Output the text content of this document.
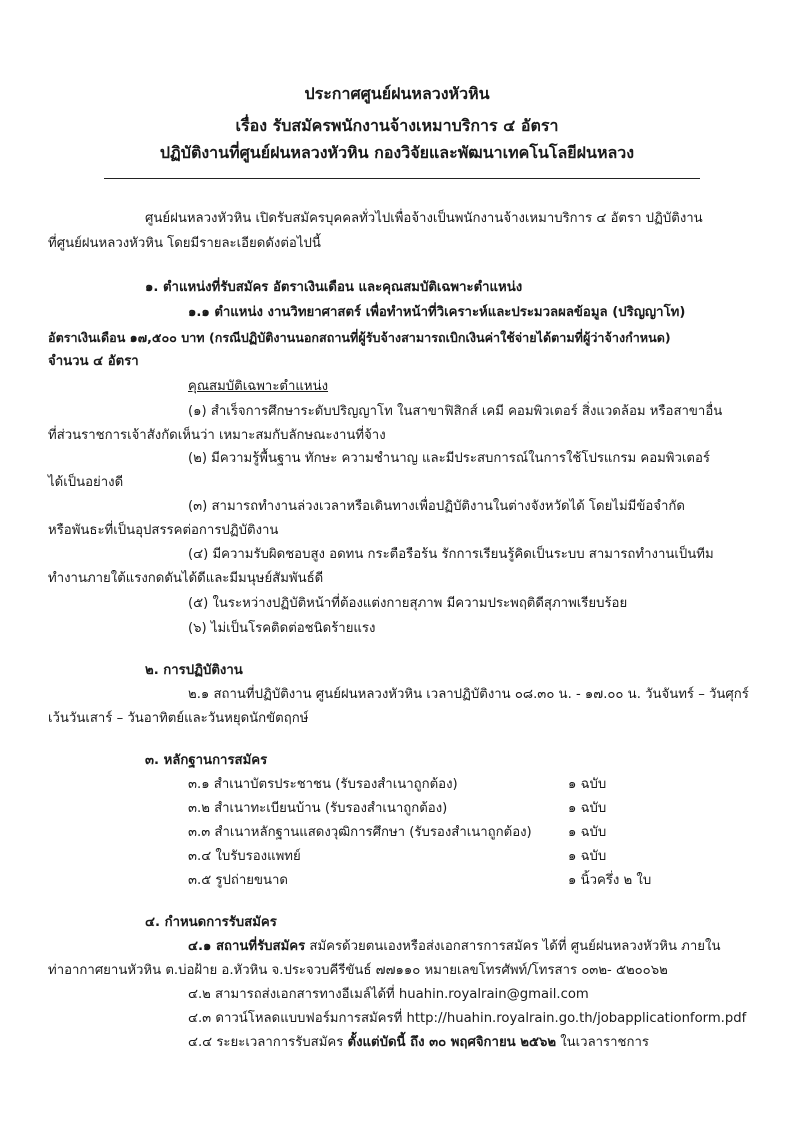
ประกาศศูนย์ฝนหลวงหัวหิน
เรื่อง รับสมัครพนักงานจ้างเหมาบริการ ๔ อัตรา
ปฏิบัติงานที่ศูนย์ฝนหลวงหัวหิน กองวิจัยและพัฒนาเทคโนโลยีฝนหลวง
ศูนย์ฝนหลวงหัวหิน เปิดรับสมัครบุคคลทั่วไปเพื่อจ้างเป็นพนักงานจ้างเหมาบริการ ๔ อัตรา ปฏิบัติงาน
ที่ศูนย์ฝนหลวงหัวหิน โดยมีรายละเอียดดังต่อไปนี้
๑. ตำแหน่งที่รับสมัคร อัตราเงินเดือน และคุณสมบัติเฉพาะตำแหน่ง
๑.๑ ตำแหน่ง งานวิทยาศาสตร์ เพื่อทำหน้าที่วิเคราะห์และประมวลผลข้อมูล (ปริญญาโท)
อัตราเงินเดือน ๑๗,๕๐๐ บาท (กรณีปฏิบัติงานนอกสถานที่ผู้รับจ้างสามารถเบิกเงินค่าใช้จ่ายได้ตามที่ผู้ว่าจ้างกำหนด)
จำนวน ๔ อัตรา
คุณสมบัติเฉพาะตำแหน่ง
(๑) สำเร็จการศึกษาระดับปริญญาโท ในสาขาฟิสิกส์ เคมี คอมพิวเตอร์ สิ่งแวดล้อม หรือสาขาอื่น
ที่ส่วนราชการเจ้าสังกัดเห็นว่า เหมาะสมกับลักษณะงานที่จ้าง
(๒) มีความรู้พื้นฐาน ทักษะ ความชำนาญ และมีประสบการณ์ในการใช้โปรแกรม คอมพิวเตอร์
ได้เป็นอย่างดี
(๓) สามารถทำงานล่วงเวลาหรือเดินทางเพื่อปฏิบัติงานในต่างจังหวัดได้ โดยไม่มีข้อจำกัด
หรือพันธะที่เป็นอุปสรรคต่อการปฏิบัติงาน
(๔) มีความรับผิดชอบสูง อดทน กระตือรือร้น รักการเรียนรู้คิดเป็นระบบ สามารถทำงานเป็นทีม
ทำงานภายใต้แรงกดดันได้ดีและมีมนุษย์สัมพันธ์ดี
(๕) ในระหว่างปฏิบัติหน้าที่ต้องแต่งกายสุภาพ มีความประพฤติดีสุภาพเรียบร้อย
(๖) ไม่เป็นโรคติดต่อชนิดร้ายแรง
๒. การปฏิบัติงาน
๒.๑ สถานที่ปฏิบัติงาน ศูนย์ฝนหลวงหัวหิน เวลาปฏิบัติงาน ๐๘.๓๐ น. - ๑๗.๐๐ น. วันจันทร์ – วันศุกร์
เว้นวันเสาร์ – วันอาทิตย์และวันหยุดนักขัตฤกษ์
๓. หลักฐานการสมัคร
๓.๑ สำเนาบัตรประชาชน (รับรองสำเนาถูกต้อง)	๑ ฉบับ
๓.๒ สำเนาทะเบียนบ้าน (รับรองสำเนาถูกต้อง)	๑ ฉบับ
๓.๓ สำเนาหลักฐานแสดงวุฒิการศึกษา (รับรองสำเนาถูกต้อง)	๑ ฉบับ
๓.๔ ใบรับรองแพทย์	๑ ฉบับ
๓.๕ รูปถ่ายขนาด	๑ นิ้วครึ่ง ๒ ใบ
๔. กำหนดการรับสมัคร
๔.๑ สถานที่รับสมัคร สมัครด้วยตนเองหรือส่งเอกสารการสมัคร ได้ที่ ศูนย์ฝนหลวงหัวหิน ภายใน
ท่าอากาศยานหัวหิน ต.บ่อฝ้าย อ.หัวหิน จ.ประจวบคีรีขันธ์ ๗๗๑๑๐ หมายเลขโทรศัพท์/โทรสาร ๐๓๒- ๕๒๐๐๖๒
๔.๒ สามารถส่งเอกสารทางอีเมล์ได้ที่ huahin.royalrain@gmail.com
๔.๓ ดาวน์โหลดแบบฟอร์มการสมัครที่ http://huahin.royalrain.go.th/jobapplicationform.pdf
๔.๔ ระยะเวลาการรับสมัคร ตั้งแต่บัดนี้ ถึง ๓๐ พฤศจิกายน ๒๕๖๒ ในเวลาราชการ
